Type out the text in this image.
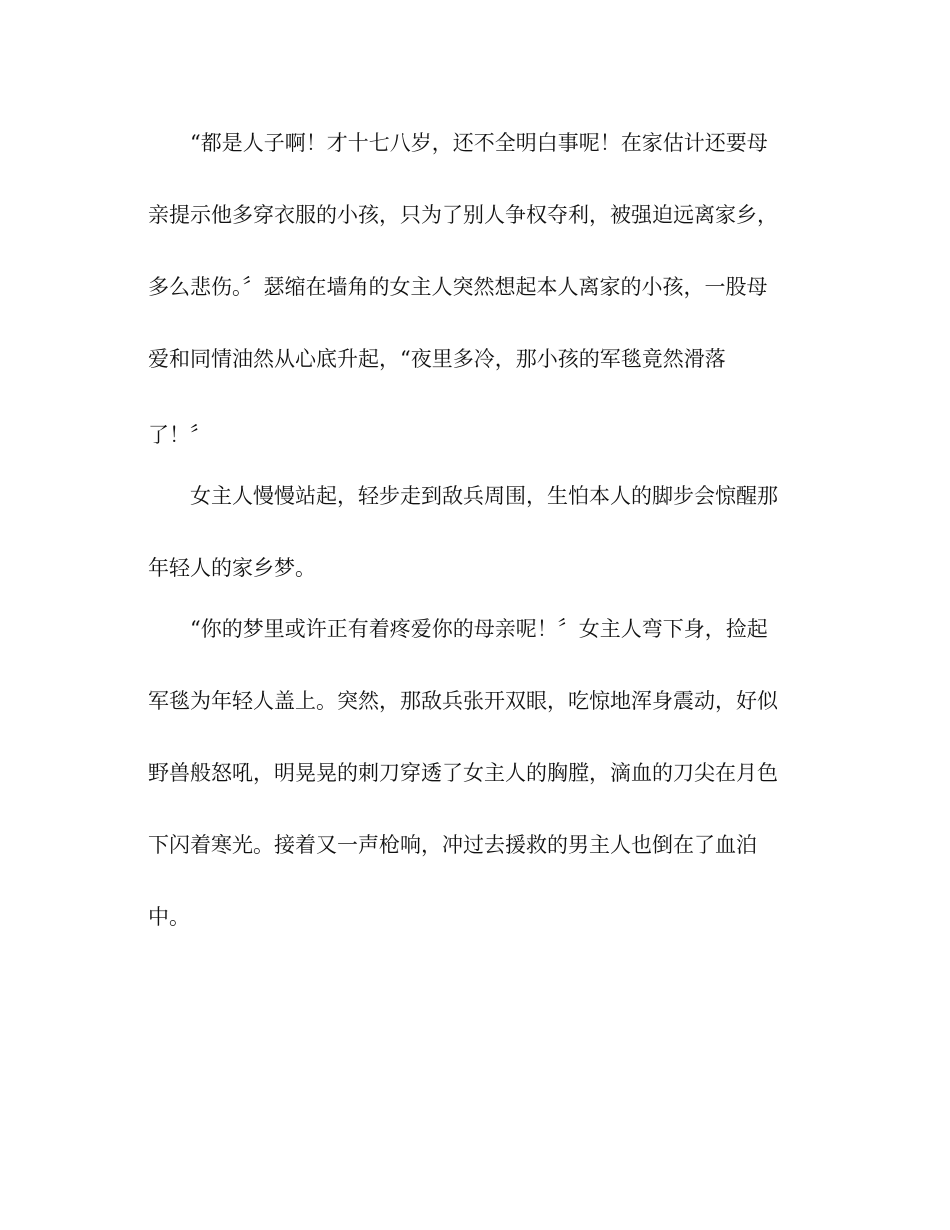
“都是人子啊！才十七八岁，还不全明白事呢！在家估计还要母
亲提示他多穿衣服的小孩，只为了别人争权夺利，被强迫远离家乡，
多么悲伤。〞瑟缩在墙角的女主人突然想起本人离家的小孩，一股母
爱和同情油然从心底升起，“夜里多冷，那小孩的军毯竟然滑落
了！〞
女主人慢慢站起，轻步走到敌兵周围，生怕本人的脚步会惊醒那
年轻人的家乡梦。
“你的梦里或许正有着疼爱你的母亲呢！〞女主人弯下身，捡起
军毯为年轻人盖上。突然，那敌兵张开双眼，吃惊地浑身震动，好似
野兽般怒吼，明晃晃的刺刀穿透了女主人的胸膛，滴血的刀尖在月色
下闪着寒光。接着又一声枪响，冲过去援救的男主人也倒在了血泊
中。
